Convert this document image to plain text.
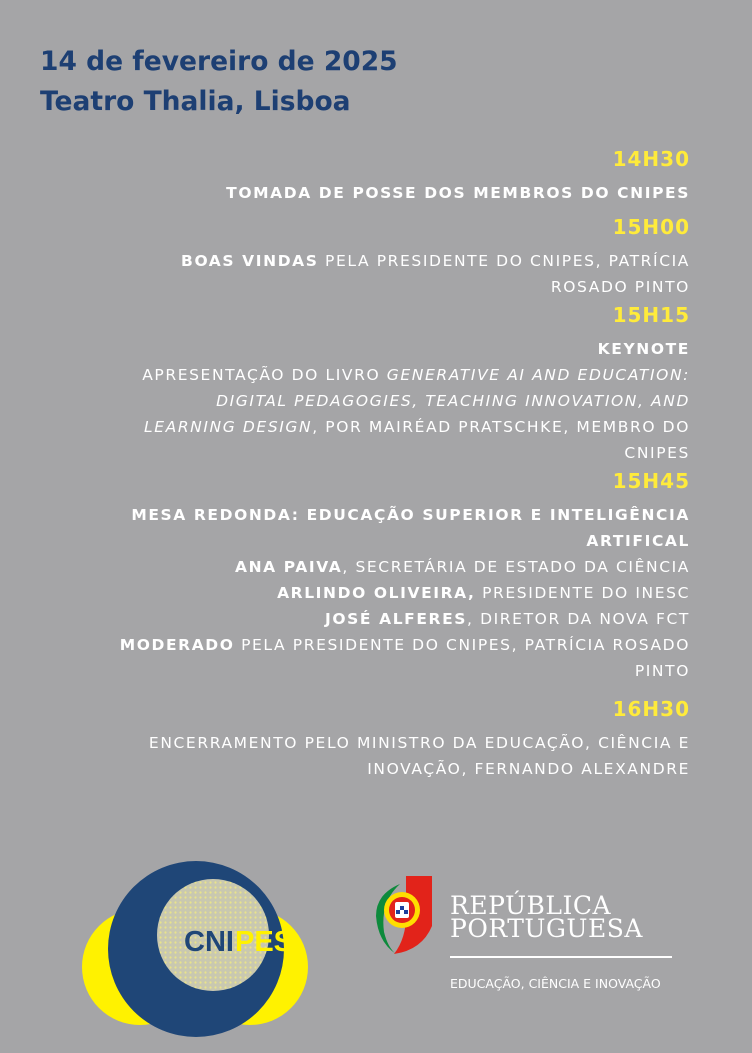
14 de fevereiro de 2025
Teatro Thalia, Lisboa
14H30
TOMADA DE POSSE DOS MEMBROS DO CNIPES
15H00
BOAS VINDAS PELA PRESIDENTE DO CNIPES, PATRÍCIA
ROSADO PINTO
15H15
KEYNOTE
APRESENTAÇÃO DO LIVRO GENERATIVE AI AND EDUCATION:
DIGITAL PEDAGOGIES, TEACHING INNOVATION, AND
LEARNING DESIGN, POR MAIRÉAD PRATSCHKE, MEMBRO DO
CNIPES
15H45
MESA REDONDA: EDUCAÇÃO SUPERIOR E INTELIGÊNCIA
ARTIFICAL
ANA PAIVA, SECRETÁRIA DE ESTADO DA CIÊNCIA
ARLINDO OLIVEIRA, PRESIDENTE DO INESC
JOSÉ ALFERES, DIRETOR DA NOVA FCT
MODERADO PELA PRESIDENTE DO CNIPES, PATRÍCIA ROSADO
PINTO
16H30
ENCERRAMENTO PELO MINISTRO DA EDUCAÇÃO, CIÊNCIA E
INOVAÇÃO, FERNANDO ALEXANDRE
CNI PES
REPÚBLICA
PORTUGUESA
EDUCAÇÃO, CIÊNCIA E INOVAÇÃO
